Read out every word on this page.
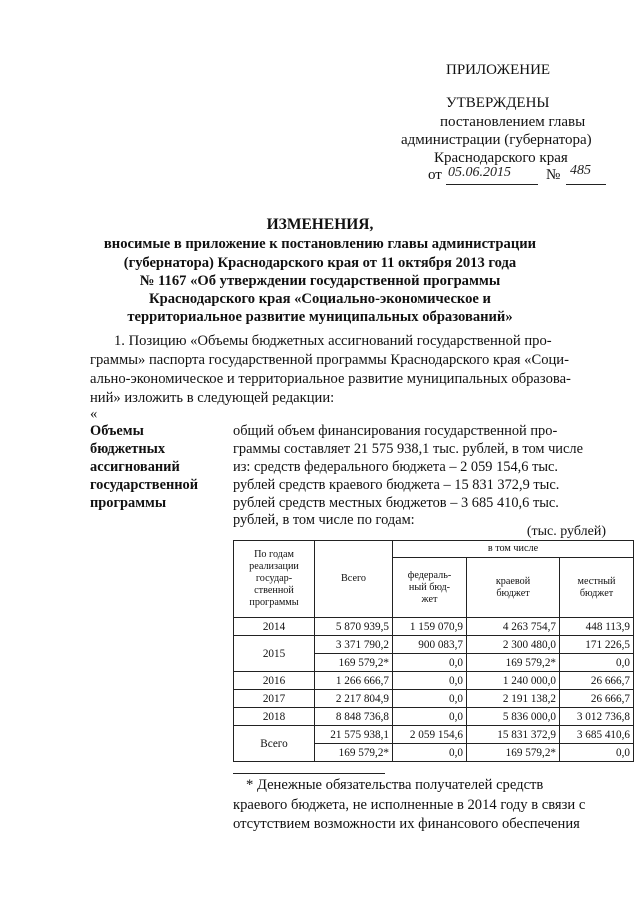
ПРИЛОЖЕНИЕ
УТВЕРЖДЕНЫ
постановлением главы
администрации (губернатора)
Краснодарского края
от 05.06.2015 № 485
ИЗМЕНЕНИЯ,
вносимые в приложение к постановлению главы администрации
(губернатора) Краснодарского края от 11 октября 2013 года
№ 1167 «Об утверждении государственной программы
Краснодарского края «Социально-экономическое и
территориальное развитие муниципальных образований»
1. Позицию «Объемы бюджетных ассигнований государственной про-
граммы» паспорта государственной программы Краснодарского края «Соци-
ально-экономическое и территориальное развитие муниципальных образова-
ний» изложить в следующей редакции:
«
Объемы
бюджетных
ассигнований
государственной
программы
общий объем финансирования государственной про-
граммы составляет 21 575 938,1 тыс. рублей, в том числе
из: средств федерального бюджета – 2 059 154,6 тыс.
рублей средств краевого бюджета – 15 831 372,9 тыс.
рублей средств местных бюджетов – 3 685 410,6 тыс.
рублей, в том числе по годам:
(тыс. рублей)
По годам
реализации
государ-
ственной
программы	Всего	в том числе		
		федераль-
ный бюд-
жет	краевой
бюджет	местный
бюджет
2014	5 870 939,5	1 159 070,9	4 263 754,7	448 113,9
2015	3 371 790,2	900 083,7	2 300 480,0	171 226,5
	169 579,2*	0,0	169 579,2*	0,0
2016	1 266 666,7	0,0	1 240 000,0	26 666,7
2017	2 217 804,9	0,0	2 191 138,2	26 666,7
2018	8 848 736,8	0,0	5 836 000,0	3 012 736,8
Всего	21 575 938,1	2 059 154,6	15 831 372,9	3 685 410,6
	169 579,2*	0,0	169 579,2*	0,0
* Денежные обязательства получателей средств
краевого бюджета, не исполненные в 2014 году в связи с
отсутствием возможности их финансового обеспечения
